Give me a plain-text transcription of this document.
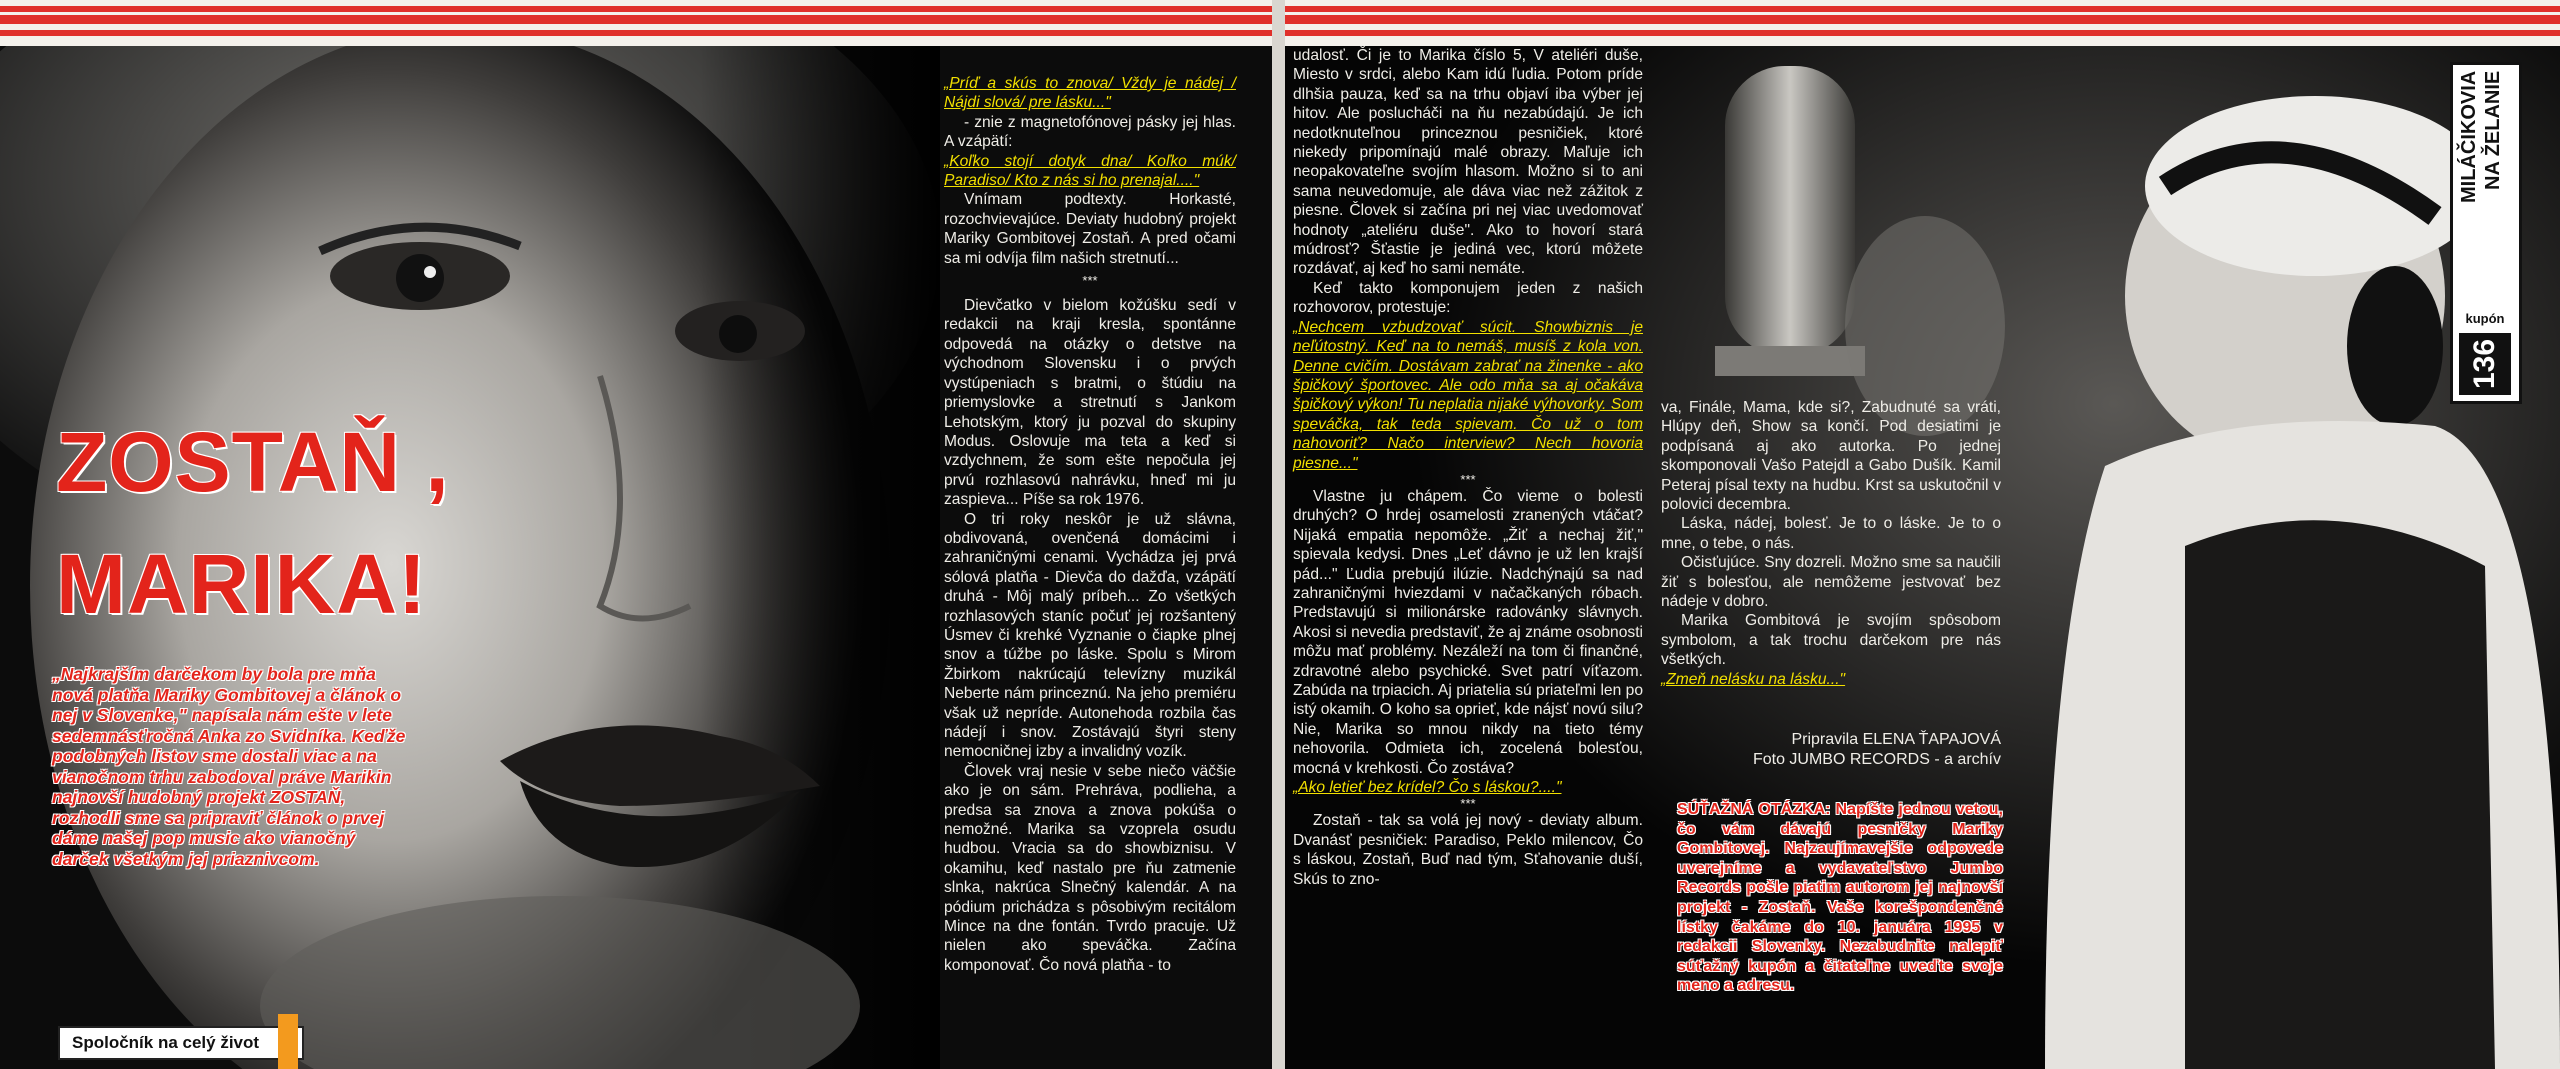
ZOSTAŇ ,
MARIKA!
„Najkrajším darčekom by bola pre mňa nová platňa Mariky Gombitovej a článok o nej v Slovenke," napísala nám ešte v lete sedemnásťročná Anka zo Svidníka. Keďže podobných listov sme dostali viac a na vianočnom trhu zabodoval práve Marikin najnovší hudobný projekt ZOSTAŇ, rozhodli sme sa pripraviť článok o prvej dáme našej pop music ako vianočný darček všetkým jej priaznivcom.
Spoločník na celý život

„Príď a skús to znova/ Vždy je nádej / Nájdi slová/ pre lásku..."

- znie z magnetofónovej pásky jej hlas. A vzápätí:

„Koľko stojí dotyk dna/ Koľko múk/ Paradiso/ Kto z nás si ho prenajal...."

Vnímam podtexty. Horkasté, rozochvievajúce. Deviaty hudobný projekt Mariky Gombitovej Zostaň. A pred očami sa mi odvíja film našich stretnutí...

***

Dievčatko v bielom kožúšku sedí v redakcii na kraji kresla, spontánne odpovedá na otázky o detstve na východnom Slovensku i o prvých vystúpeniach s bratmi, o štúdiu na priemyslovke a stretnutí s Jankom Lehotským, ktorý ju pozval do skupiny Modus. Oslovuje ma teta a keď si vzdychnem, že som ešte nepočula jej prvú rozhlasovú nahrávku, hneď mi ju zaspieva... Píše sa rok 1976.

O tri roky neskôr je už slávna, obdivovaná, ovenčená domácimi i zahraničnými cenami. Vychádza jej prvá sólová platňa - Dievča do dažďa, vzápätí druhá - Môj malý príbeh... Zo všetkých rozhlasových staníc počuť jej rozšantený Úsmev či krehké Vyznanie o čiapke plnej snov a túžbe po láske. Spolu s Mirom Žbirkom nakrúcajú televízny muzikál Neberte nám princeznú. Na jeho premiéru však už nepríde. Autonehoda rozbila čas nádejí i snov. Zostávajú štyri steny nemocničnej izby a invalidný vozík.

Človek vraj nesie v sebe niečo väčšie ako je on sám. Prehráva, podlieha, a predsa sa znova a znova pokúša o nemožné. Marika sa vzoprela osudu hudbou. Vracia sa do showbiznisu. V okamihu, keď nastalo pre ňu zatmenie slnka, nakrúca Slnečný kalendár. A na pódium prichádza s pôsobivým recitálom Mince na dne fontán. Tvrdo pracuje. Už nielen ako speváčka. Začína komponovať. Čo nová platňa - to

udalosť. Či je to Marika číslo 5, V ateliéri duše, Miesto v srdci, alebo Kam idú ľudia. Potom príde dlhšia pauza, keď sa na trhu objaví iba výber jej hitov. Ale poslucháči na ňu nezabúdajú. Je ich nedotknuteľnou princeznou pesničiek, ktoré niekedy pripomínajú malé obrazy. Maľuje ich neopakovateľne svojím hlasom. Možno si to ani sama neuvedomuje, ale dáva viac než zážitok z piesne. Človek si začína pri nej viac uvedomovať hodnoty „ateliéru duše". Ako to hovorí stará múdrosť? Šťastie je jediná vec, ktorú môžete rozdávať, aj keď ho sami nemáte.

Keď takto komponujem jeden z našich rozhovorov, protestuje:

„Nechcem vzbudzovať súcit. Showbiznis je neľútostný. Keď na to nemáš, musíš z kola von. Denne cvičím. Dostávam zabrať na žinenke - ako špičkový športovec. Ale odo mňa sa aj očakáva špičkový výkon! Tu neplatia nijaké výhovorky. Som speváčka, tak teda spievam. Čo už o tom nahovoriť? Načo interview? Nech hovoria piesne..."

***

Vlastne ju chápem. Čo vieme o bolesti druhých? O hrdej osamelosti zranených vtáčat? Nijaká empatia nepomôže. „Žiť a nechaj žiť," spievala kedysi. Dnes „Leť dávno je už len krajší pád..." Ľudia prebujú ilúzie. Nadchýnajú sa nad zahraničnými hviezdami v načačkaných róbach. Predstavujú si milionárske radovánky slávnych. Akosi si nevedia predstaviť, že aj známe osobnosti môžu mať problémy. Nezáleží na tom či finančné, zdravotné alebo psychické. Svet patrí víťazom. Zabúda na trpiacich. Aj priatelia sú priateľmi len po istý okamih. O koho sa oprieť, kde nájsť novú silu? Nie, Marika so mnou nikdy na tieto témy nehovorila. Odmieta ich, zocelená bolesťou, mocná v krehkosti. Čo zostáva?

„Ako letieť bez krídel? Čo s láskou?...."

***

Zostaň - tak sa volá jej nový - deviaty album. Dvanásť pesničiek: Paradiso, Peklo milencov, Čo s láskou, Zostaň, Buď nad tým, Sťahovanie duší, Skús to zno-

va, Finále, Mama, kde si?, Zabudnuté sa vráti, Hlúpy deň, Show sa končí. Pod desiatimi je podpísaná aj ako autorka. Po jednej skomponovali Vašo Patejdl a Gabo Dušík. Kamil Peteraj písal texty na hudbu. Krst sa uskutočnil v polovici decembra.

Láska, nádej, bolesť. Je to o láske. Je to o mne, o tebe, o nás.

Očisťujúce. Sny dozreli. Možno sme sa naučili žiť s bolesťou, ale nemôžeme jestvovať bez nádeje v dobro.

Marika Gombitová je svojím spôsobom symbolom, a tak trochu darčekom pre nás všetkých.

„Zmeň nelásku na lásku..."

Pripravila ELENA ŤAPAJOVÁ
Foto JUMBO RECORDS - a archív
SÚŤAŽNÁ OTÁZKA: Napíšte jednou vetou, čo vám dávajú pesničky Mariky Gombitovej. Najzaujímavejšie odpovede uverejníme a vydavateľstvo Jumbo Records pošle piatim autorom jej najnovší projekt - Zostaň. Vaše korešpondenčné lístky čakáme do 10. januára 1995 v redakcii Slovenky. Nezabudnite nalepiť súťažný kupón a čitateľne uveďte svoje meno a adresu.
MILÁČIKOVIA NA ŽELANIE
kupón
136
